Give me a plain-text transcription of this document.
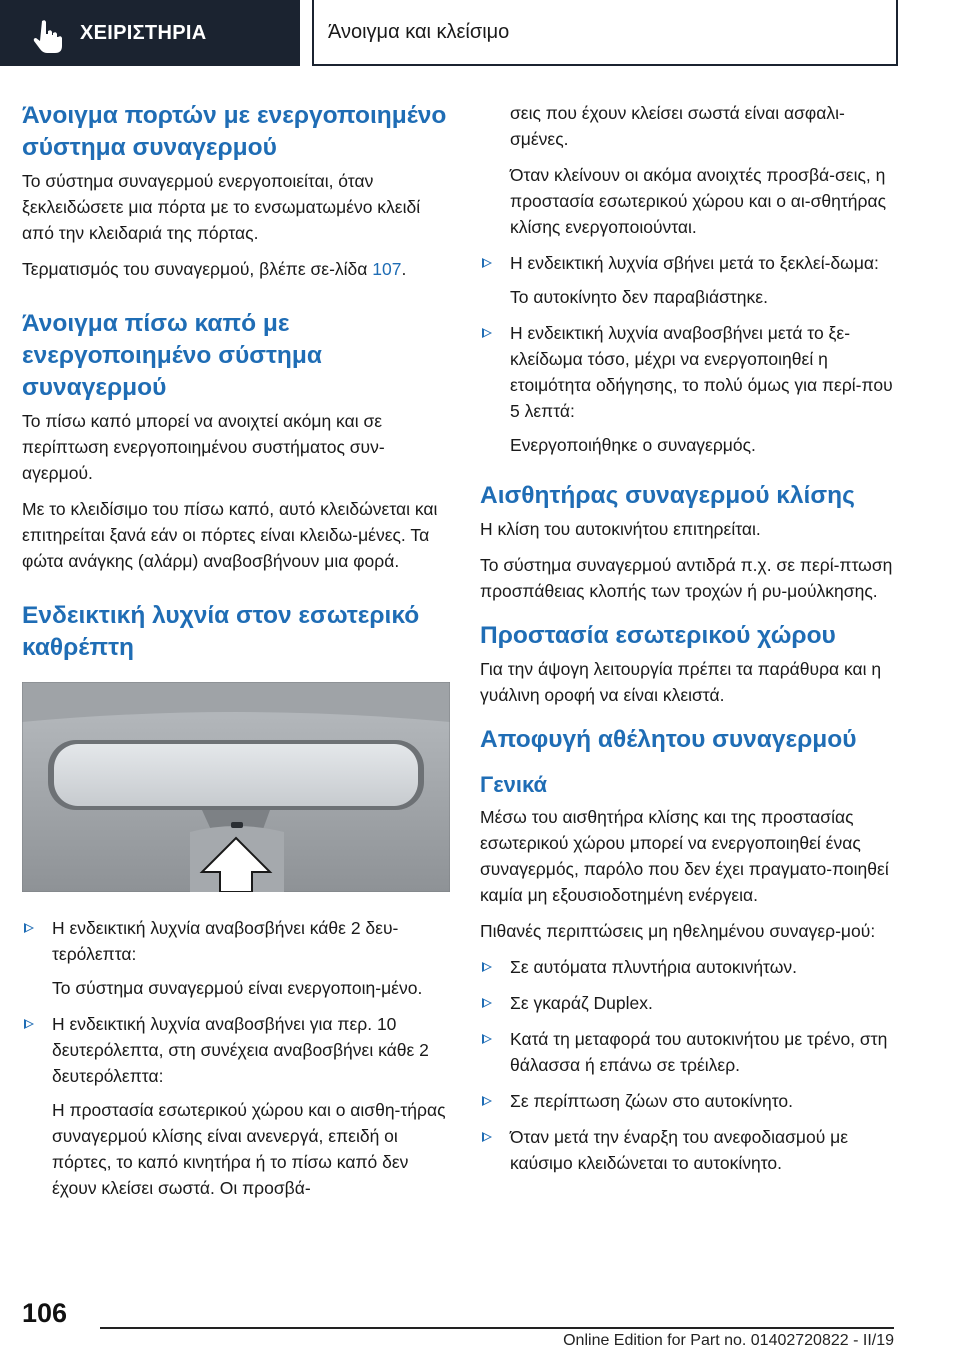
ΧΕΙΡΙΣΤΗΡΙΑ	Άνοιγμα και κλείσιμο
Άνοιγμα πορτών με ενεργοποιημένο σύστημα συναγερμού

Το σύστημα συναγερμού ενεργοποιείται, όταν ξεκλειδώσετε μια πόρτα με το ενσωματωμένο κλειδί από την κλειδαριά της πόρτας.

Τερματισμός του συναγερμού, βλέπε σε-λίδα 107.

Άνοιγμα πίσω καπό με ενεργοποιημένο σύστημα συναγερμού

Το πίσω καπό μπορεί να ανοιχτεί ακόμη και σε περίπτωση ενεργοποιημένου συστήματος συν-αγερμού.

Με το κλειδίσιμο του πίσω καπό, αυτό κλειδώνεται και επιτηρείται ξανά εάν οι πόρτες είναι κλειδω-μένες. Τα φώτα ανάγκης (αλάρμ) αναβοσβήνουν μια φορά.

Ενδεικτική λυχνία στον εσωτερικό καθρέπτη
Η ενδεικτική λυχνία αναβοσβήνει κάθε 2 δευ-τερόλεπτα:
Το σύστημα συναγερμού είναι ενεργοποιη-μένο.
Η ενδεικτική λυχνία αναβοσβήνει για περ. 10 δευτερόλεπτα, στη συνέχεια αναβοσβήνει κάθε 2 δευτερόλεπτα:
Η προστασία εσωτερικού χώρου και ο αισθη-τήρας συναγερμού κλίσης είναι ανενεργά, επειδή οι πόρτες, το καπό κινητήρα ή το πίσω καπό δεν έχουν κλείσει σωστά. Οι προσβά-

σεις που έχουν κλείσει σωστά είναι ασφαλι-σμένες.

Όταν κλείνουν οι ακόμα ανοιχτές προσβά-σεις, η προστασία εσωτερικού χώρου και ο αι-σθητήρας κλίσης ενεργοποιούνται.

Η ενδεικτική λυχνία σβήνει μετά το ξεκλεί-δωμα:
Το αυτοκίνητο δεν παραβιάστηκε.
Η ενδεικτική λυχνία αναβοσβήνει μετά το ξε-κλείδωμα τόσο, μέχρι να ενεργοποιηθεί η ετοιμότητα οδήγησης, το πολύ όμως για περί-που 5 λεπτά:
Ενεργοποιήθηκε ο συναγερμός.
Αισθητήρας συναγερμού κλίσης

Η κλίση του αυτοκινήτου επιτηρείται.

Το σύστημα συναγερμού αντιδρά π.χ. σε περί-πτωση προσπάθειας κλοπής των τροχών ή ρυ-μούλκησης.

Προστασία εσωτερικού χώρου

Για την άψογη λειτουργία πρέπει τα παράθυρα και η γυάλινη οροφή να είναι κλειστά.

Αποφυγή αθέλητου συναγερμού
Γενικά

Μέσω του αισθητήρα κλίσης και της προστασίας εσωτερικού χώρου μπορεί να ενεργοποιηθεί ένας συναγερμός, παρόλο που δεν έχει πραγματο-ποιηθεί καμία μη εξουσιοδοτημένη ενέργεια.

Πιθανές περιπτώσεις μη ηθελημένου συναγερ-μού:

Σε αυτόματα πλυντήρια αυτοκινήτων.
Σε γκαράζ Duplex.
Κατά τη μεταφορά του αυτοκινήτου με τρένο, στη θάλασσα ή επάνω σε τρέιλερ.
Σε περίπτωση ζώων στο αυτοκίνητο.
Όταν μετά την έναρξη του ανεφοδιασμού με καύσιμο κλειδώνεται το αυτοκίνητο.
106
Online Edition for Part no. 01402720822 - II/19
